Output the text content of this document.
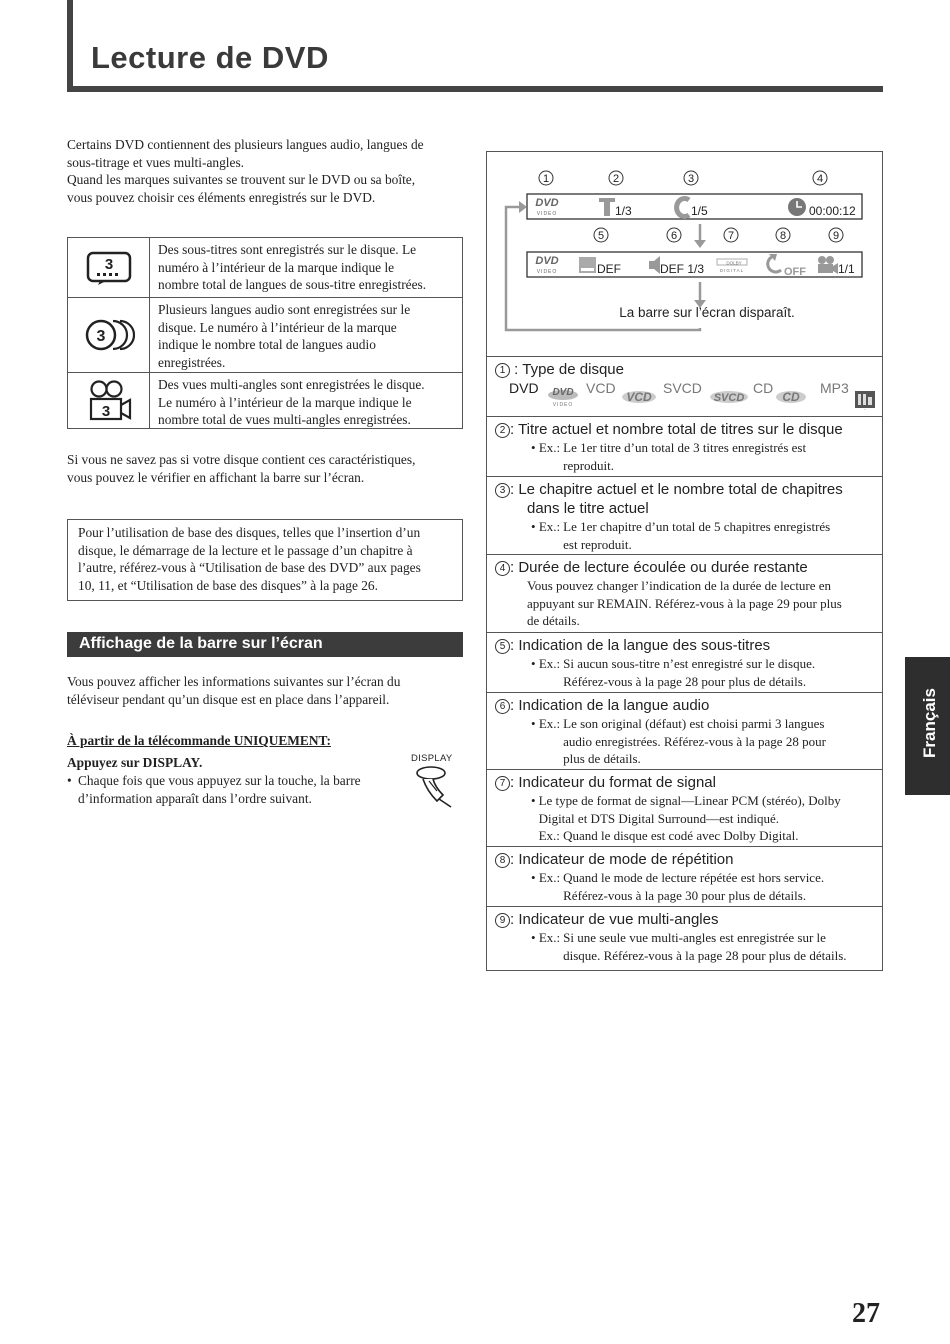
Lecture de DVD
Certains DVD contiennent des plusieurs langues audio, langues de
sous-titrage et vues multi-angles.
Quand les marques suivantes se trouvent sur le DVD ou sa boîte,
vous pouvez choisir ces éléments enregistrés sur le DVD.
3
Des sous-titres sont enregistrés sur le disque. Le
numéro à l’intérieur de la marque indique le
nombre total de langues de sous-titre enregistrées.
3
Plusieurs langues audio sont enregistrées sur le
disque. Le numéro à l’intérieur de la marque
indique le nombre total de langues audio
enregistrées.
3
Des vues multi-angles sont enregistrées le disque.
Le numéro à l’intérieur de la marque indique le
nombre total de vues multi-angles enregistrées.
Si vous ne savez pas si votre disque contient ces caractéristiques,
vous pouvez le vérifier en affichant la barre sur l’écran.
Pour l’utilisation de base des disques, telles que l’insertion d’un
disque, le démarrage de la lecture et le passage d’un chapitre à
l’autre, référez-vous à “Utilisation de base des DVD” aux pages
10, 11, et “Utilisation de base des disques” à la page 26.
Affichage de la barre sur l’écran
Vous pouvez afficher les informations suivantes sur l’écran du
téléviseur pendant qu’un disque est en place dans l’appareil.
À partir de la télécommande UNIQUEMENT:
Appuyez sur DISPLAY.
• Chaque fois que vous appuyez sur la touche, la barre
d’information apparaît dans l’ordre suivant.
DISPLAY
1	2	3	4
5	6	7	8	9
DVD
VIDEO	1/3	1/5	00:00:12
DVD
VIDEO	DEF	DEF 1/3	DOLBY
DIGITAL	OFF	1/1
La barre sur l’écran disparaît.
1 : Type de disque
DVD DVD
VIDEO
VCD
VCD
SVCD
SVCD
CD
CD
MP3
MP3
2 : Titre actuel et nombre total de titres sur le disque
• Ex.: Le 1er titre d’un total de 3 titres enregistrés est
reproduit.
3 : Le chapitre actuel et le nombre total de chapitres
dans le titre actuel
• Ex.: Le 1er chapitre d’un total de 5 chapitres enregistrés
est reproduit.
4 : Durée de lecture écoulée ou durée restante
Vous pouvez changer l’indication de la durée de lecture en
appuyant sur REMAIN. Référez-vous à la page 29 pour plus
de détails.
5 : Indication de la langue des sous-titres
• Ex.: Si aucun sous-titre n’est enregistré sur le disque.
Référez-vous à la page 28 pour plus de détails.
6 : Indication de la langue audio
• Ex.: Le son original (défaut) est choisi parmi 3 langues
audio enregistrées. Référez-vous à la page 28 pour
plus de détails.
7 : Indicateur du format de signal
• Le type de format de signal—Linear PCM (stéréo), Dolby
Digital et DTS Digital Surround—est indiqué.
Ex.: Quand le disque est codé avec Dolby Digital.
8 : Indicateur de mode de répétition
• Ex.: Quand le mode de lecture répétée est hors service.
Référez-vous à la page 30 pour plus de détails.
9 : Indicateur de vue multi-angles
• Ex.: Si une seule vue multi-angles est enregistrée sur le
disque. Référez-vous à la page 28 pour plus de détails.
Français
27
